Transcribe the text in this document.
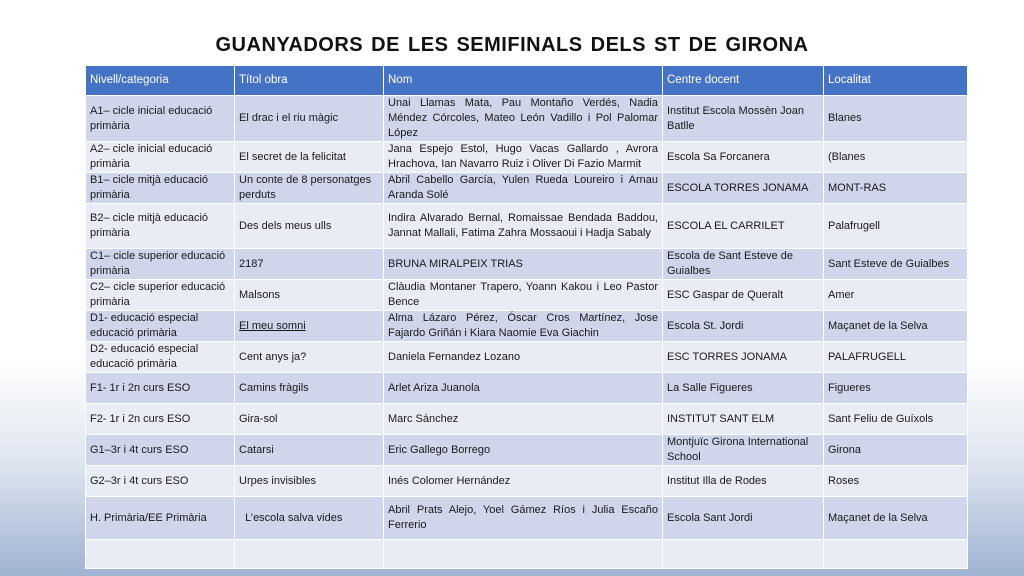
GUANYADORS DE LES SEMIFINALS DELS ST DE GIRONA
Nivell/categoria	Títol obra	Nom	Centre docent	Localitat
A1– cicle inicial educació primària	El drac i el riu màgic	Unai Llamas Mata, Pau Montaño Verdés, Nadia Méndez Córcoles, Mateo León Vadillo i Pol Palomar López	Institut Escola Mossèn Joan Batlle	Blanes
A2– cicle inicial educació primària	El secret de la felicitat	Jana Espejo Estol, Hugo Vacas Gallardo , Avrora Hrachova, Ian Navarro Ruiz i Oliver Di Fazio Marmit	Escola Sa Forcanera	(Blanes
B1– cicle mitjà educació primària	Un conte de 8 personatges perduts	Abril Cabello García, Yulen Rueda Loureiro i Arnau Aranda Solé	ESCOLA TORRES JONAMA	MONT-RAS
B2– cicle mitjà educació primària	Des dels meus ulls	Indira Alvarado Bernal, Romaissae Bendada Baddou, Jannat Mallali, Fatima Zahra Mossaoui i Hadja Sabaly	ESCOLA EL CARRILET	Palafrugell
C1– cicle superior educació primària	2187	BRUNA MIRALPEIX TRIAS	Escola de Sant Esteve de Guialbes	Sant Esteve de Guialbes
C2– cicle superior educació primària	Malsons	Clàudia Montaner Trapero, Yoann Kakou i Leo Pastor Bence	ESC Gaspar de Queralt	Amer
D1- educació especial educació primària	El meu somni	Alma Lázaro Pérez, Óscar Cros Martínez, Jose Fajardo Griñán i Kiara Naomie Eva Giachin	Escola St. Jordi	Maçanet de la Selva
D2- educació especial educació primària	Cent anys ja?	Daniela Fernandez Lozano	ESC TORRES JONAMA	PALAFRUGELL
F1- 1r i 2n curs ESO	Camins fràgils	Arlet Ariza Juanola	La Salle Figueres	Figueres
F2- 1r i 2n curs ESO	Gira-sol	Marc Sánchez	INSTITUT SANT ELM	Sant Feliu de Guíxols
G1–3r i 4t curs ESO	Catarsi	Eric Gallego Borrego	Montjuïc Girona International School	Girona
G2–3r i 4t curs ESO	Urpes invisibles	Inés Colomer Hernández	Institut Illa de Rodes	Roses
H. Primària/EE Primària	L’escola salva vides	Abril Prats Alejo, Yoel Gámez Ríos i Julia Escaño Ferrerio	Escola Sant Jordi	Maçanet de la Selva
